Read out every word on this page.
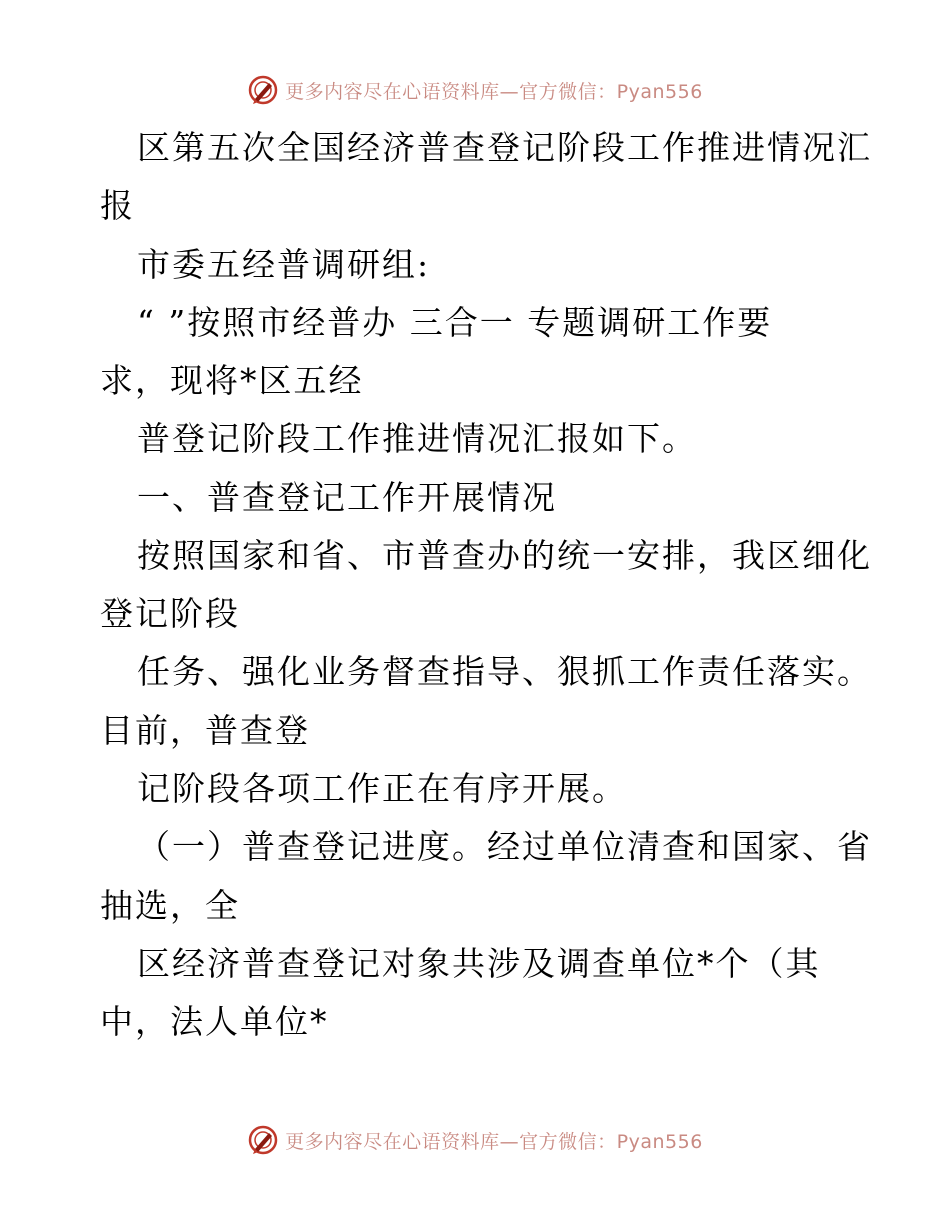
更多内容尽在心语资料库—官方微信：Pyan556
区第五次全国经济普查登记阶段工作推进情况汇
报
市委五经普调研组:
“ ”按照市经普办 三合一 专题调研工作要
求，现将*区五经
普登记阶段工作推进情况汇报如下。
一、普查登记工作开展情况
按照国家和省、市普查办的统一安排，我区细化
登记阶段
任务、强化业务督查指导、狠抓工作责任落实。
目前，普查登
记阶段各项工作正在有序开展。
（一）普查登记进度。经过单位清查和国家、省
抽选，全
区经济普查登记对象共涉及调查单位*个（其
中，法人单位*
更多内容尽在心语资料库—官方微信：Pyan556
